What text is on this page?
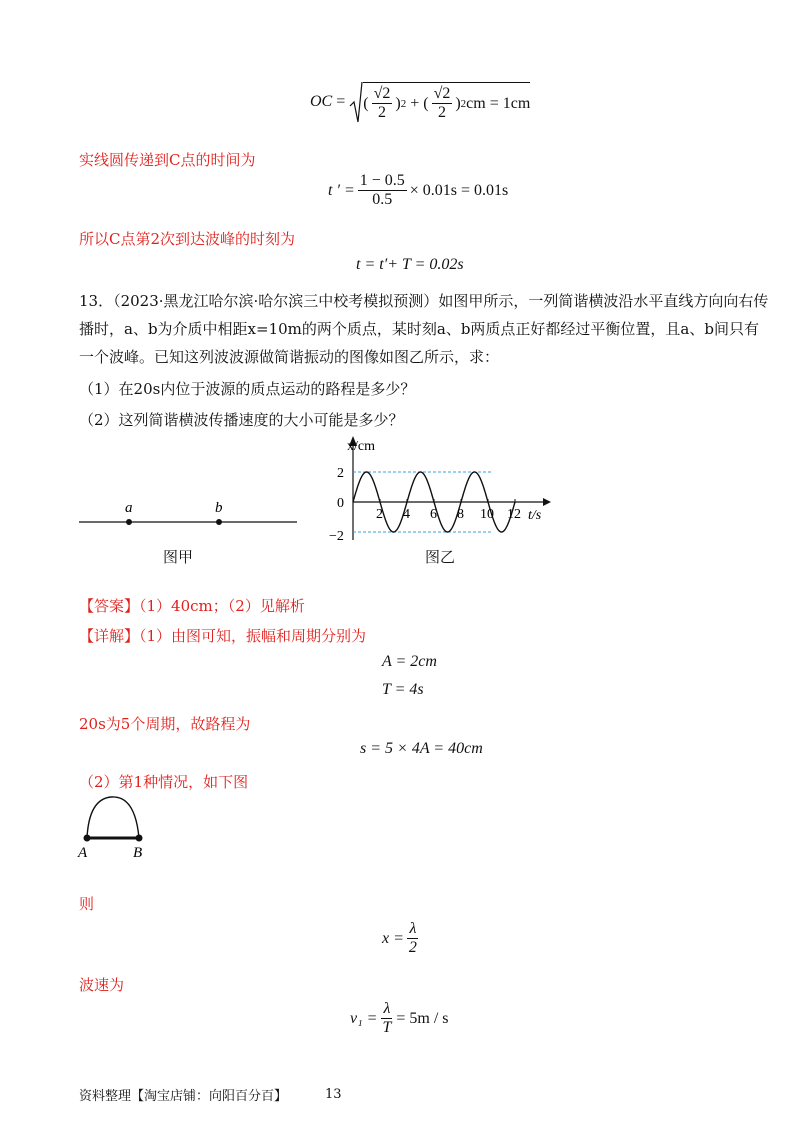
OC = ( $\frac{√2}{2}$ ) 2 + ( $\frac{√2}{2}$ ) 2 cm = 1cm
实线圆传递到C点的时间为
t ′ = $\frac{1 - 0.5}{0.5} \times 0.01s = 0.01s$
所以C点第2次到达波峰的时刻为
t = t′+ T = 0.02s
13．（2023·黑龙江哈尔滨·哈尔滨三中校考模拟预测）如图甲所示，一列简谐横波沿水平直线方向向右传
播时，a、b为介质中相距x=10m的两个质点，某时刻a、b两质点正好都经过平衡位置，且a、b间只有
一个波峰。已知这列波波源做简谐振动的图像如图乙所示，求：
（1）在20s内位于波源的质点运动的路程是多少？
（2）这列简谐横波传播速度的大小可能是多少？
a	b
图甲
x/cm
t/s
2
0
−2
2 4 6 8 10 12
图乙
【答案】（1）40cm；（2）见解析
【详解】（1）由图可知，振幅和周期分别为
A = 2cm
T = 4s
20s为5个周期，故路程为
s = 5 × 4A = 40cm
（2）第1种情况，如下图
A	B
则
$x = \frac{\lambda}{2}$
波速为
$v_1 = \frac{\lambda}{T} = 5m / s$
资料整理【淘宝店铺：向阳百分百】	13
